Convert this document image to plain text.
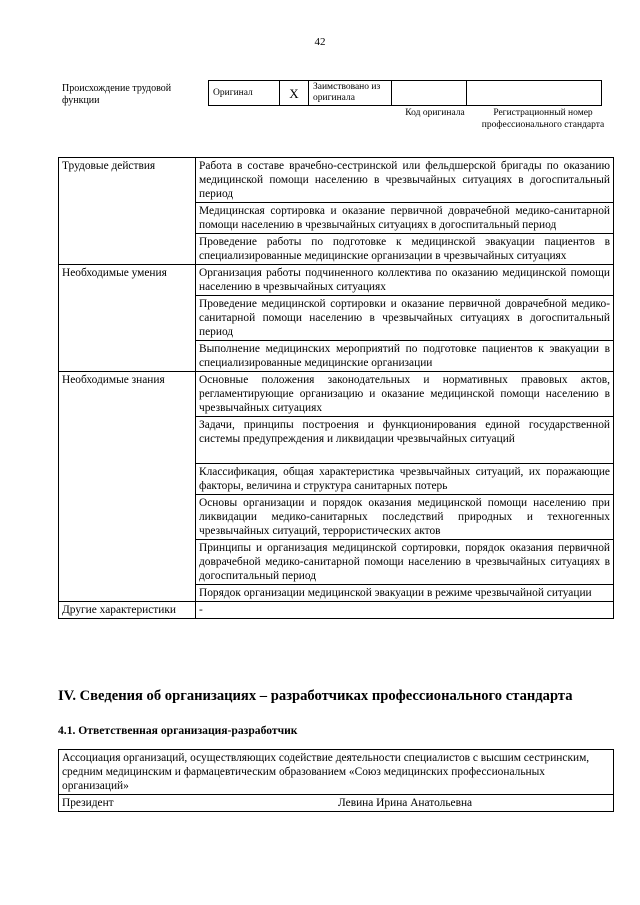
42
Происхождение трудовой функции
Оригинал	X	Заимствовано из оригинала		
Код оригинала	Регистрационный номер профессионального стандарта
Трудовые действия	Работа в составе врачебно-сестринской или фельдшерской бригады по оказанию медицинской помощи населению в чрезвычайных ситуациях в догоспитальный период
	Медицинская сортировка и оказание первичной доврачебной медико-санитарной помощи населению в чрезвычайных ситуациях в догоспитальный период
	Проведение работы по подготовке к медицинской эвакуации пациентов в специализированные медицинские организации в чрезвычайных ситуациях
Необходимые умения	Организация работы подчиненного коллектива по оказанию медицинской помощи населению в чрезвычайных ситуациях
	Проведение медицинской сортировки и оказание первичной доврачебной медико-санитарной помощи населению в чрезвычайных ситуациях в догоспитальный период
	Выполнение медицинских мероприятий по подготовке пациентов к эвакуации в специализированные медицинские организации
Необходимые знания	Основные положения законодательных и нормативных правовых актов, регламентирующие организацию и оказание медицинской помощи населению в чрезвычайных ситуациях
	Задачи, принципы построения и функционирования единой государственной системы предупреждения и ликвидации чрезвычайных ситуаций
	Классификация, общая характеристика чрезвычайных ситуаций, их поражающие факторы, величина и структура санитарных потерь
	Основы организации и порядок оказания медицинской помощи населению при ликвидации медико-санитарных последствий природных и техногенных чрезвычайных ситуаций, террористических актов
	Принципы и организация медицинской сортировки, порядок оказания первичной доврачебной медико-санитарной помощи населению в чрезвычайных ситуациях в догоспитальный период
	Порядок организации медицинской эвакуации в режиме чрезвычайной ситуации
Другие характеристики	-
IV. Сведения об организациях – разработчиках профессионального стандарта
4.1. Ответственная организация-разработчик
Ассоциация организаций, осуществляющих содействие деятельности специалистов с высшим сестринским, средним медицинским и фармацевтическим образованием «Союз медицинских профессиональных организаций»
Президент	Левина Ирина Анатольевна
